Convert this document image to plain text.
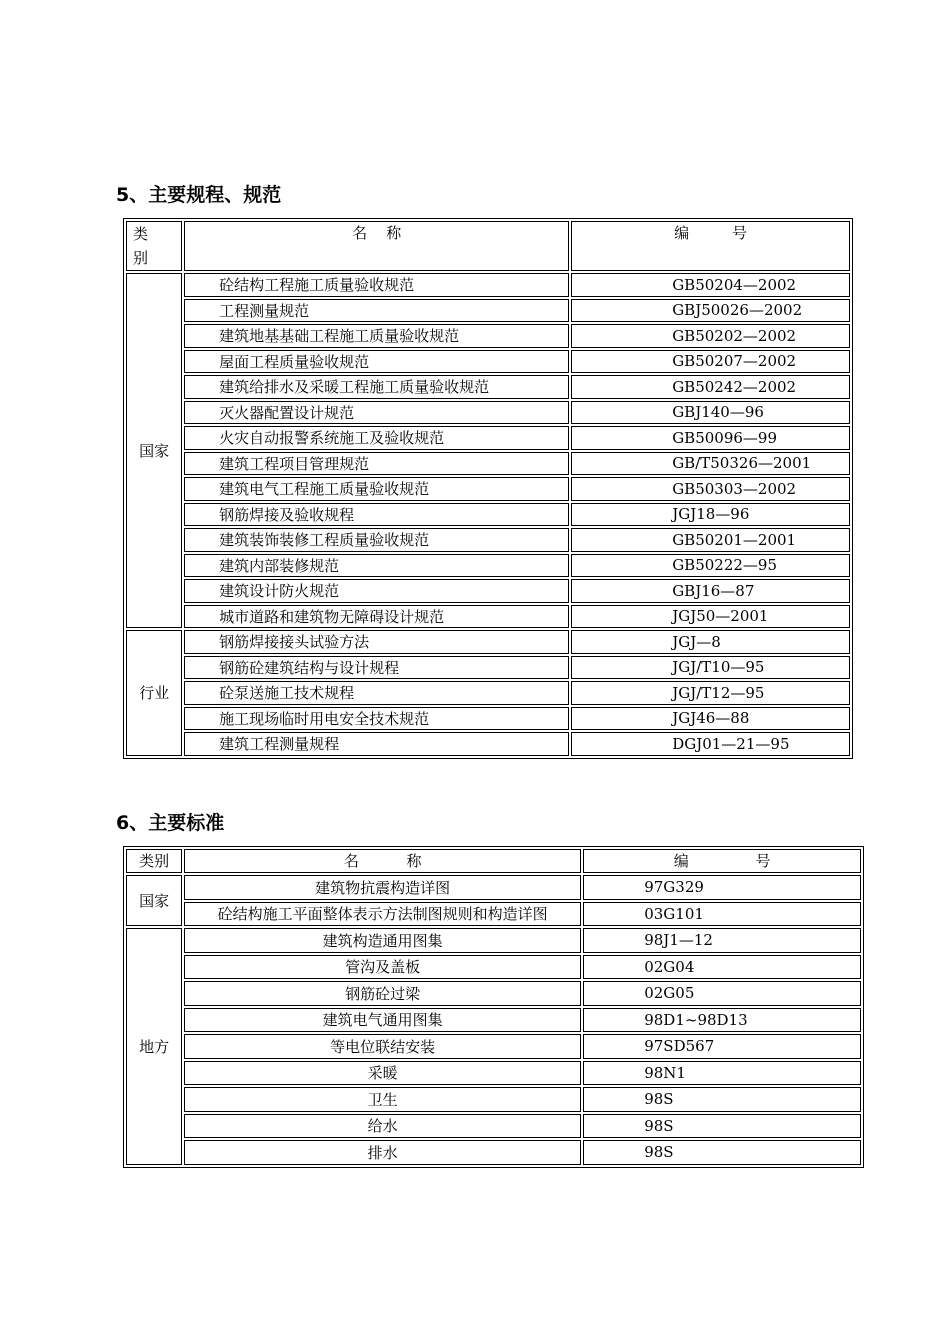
5、主要规程、规范
类
别	名    称	编         号
国家	砼结构工程施工质量验收规范	GB50204—2002
	工程测量规范	GBJ50026—2002
	建筑地基基础工程施工质量验收规范	GB50202—2002
	屋面工程质量验收规范	GB50207—2002
	建筑给排水及采暖工程施工质量验收规范	GB50242—2002
	灭火器配置设计规范	GBJ140—96
	火灾自动报警系统施工及验收规范	GB50096—99
	建筑工程项目管理规范	GB/T50326—2001
	建筑电气工程施工质量验收规范	GB50303—2002
	钢筋焊接及验收规程	JGJ18—96
	建筑装饰装修工程质量验收规范	GB50201—2001
	建筑内部装修规范	GB50222—95
	建筑设计防火规范	GBJ16—87
	城市道路和建筑物无障碍设计规范	JGJ50—2001
行业	钢筋焊接接头试验方法	JGJ—8
	钢筋砼建筑结构与设计规程	JGJ/T10—95
	砼泵送施工技术规程	JGJ/T12—95
	施工现场临时用电安全技术规范	JGJ46—88
	建筑工程测量规程	DGJ01—21—95
6、主要标准
类别	名          称	编              号
国家	建筑物抗震构造详图	97G329
	砼结构施工平面整体表示方法制图规则和构造详图	03G101
地方	建筑构造通用图集	98J1—12
	管沟及盖板	02G04
	钢筋砼过梁	02G05
	建筑电气通用图集	98D1~98D13
	等电位联结安装	97SD567
	采暖	98N1
	卫生	98S
	给水	98S
	排水	98S
